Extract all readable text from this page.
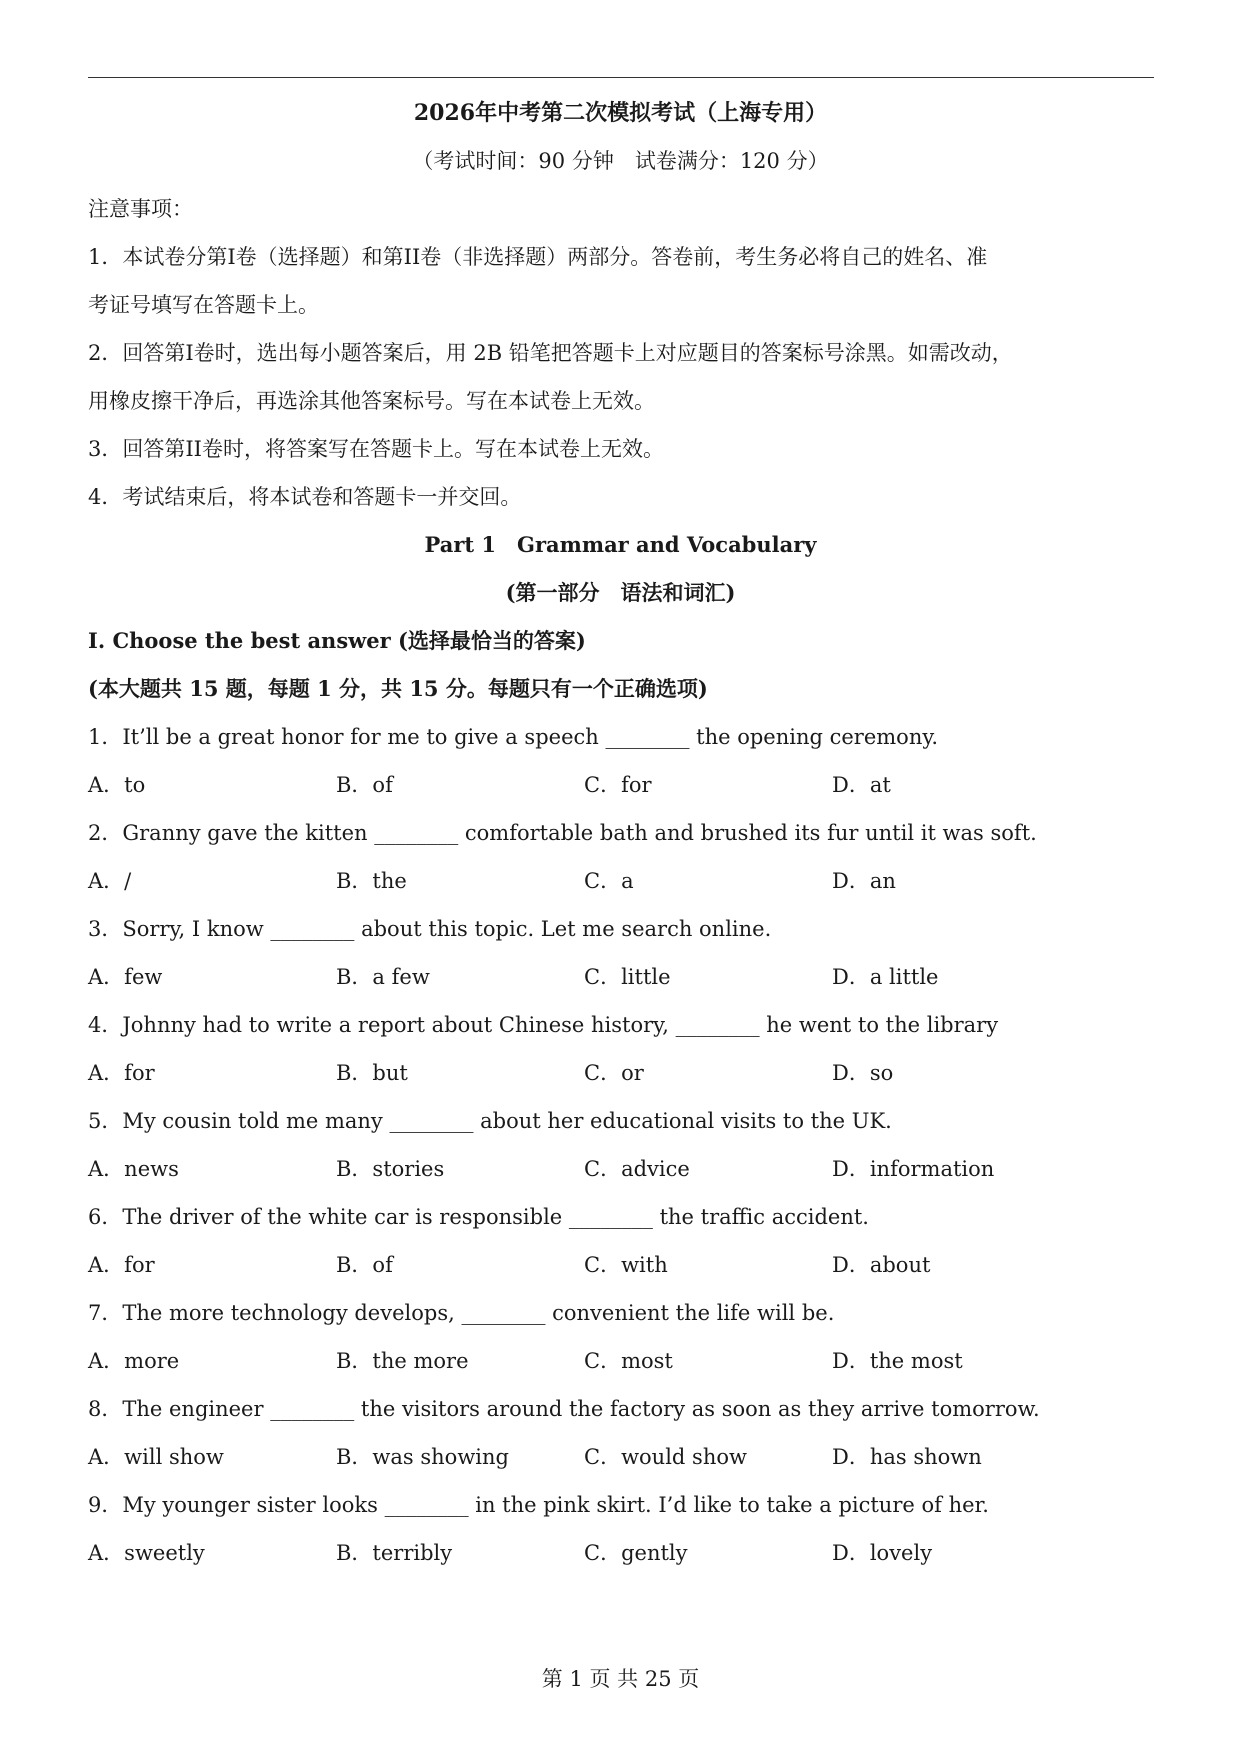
2026年中考第二次模拟考试（上海专用）
（考试时间：90 分钟　试卷满分：120 分）
注意事项：
1．本试卷分第I卷（选择题）和第II卷（非选择题）两部分。答卷前，考生务必将自己的姓名、准
考证号填写在答题卡上。
2．回答第I卷时，选出每小题答案后，用 2B 铅笔把答题卡上对应题目的答案标号涂黑。如需改动，
用橡皮擦干净后，再选涂其他答案标号。写在本试卷上无效。
3．回答第II卷时，将答案写在答题卡上。写在本试卷上无效。
4．考试结束后，将本试卷和答题卡一并交回。
Part 1　Grammar and Vocabulary
(第一部分　语法和词汇)
I. Choose the best answer (选择最恰当的答案)
(本大题共 15 题，每题 1 分，共 15 分。每题只有一个正确选项)
1．It’ll be a great honor for me to give a speech ________ the opening ceremony.
A．to	B．of	C．for	D．at
2．Granny gave the kitten ________ comfortable bath and brushed its fur until it was soft.
A．/	B．the	C．a	D．an
3．Sorry, I know ________ about this topic. Let me search online.
A．few	B．a few	C．little	D．a little
4．Johnny had to write a report about Chinese history, ________ he went to the library
A．for	B．but	C．or	D．so
5．My cousin told me many ________ about her educational visits to the UK.
A．news	B．stories	C．advice	D．information
6．The driver of the white car is responsible ________ the traffic accident.
A．for	B．of	C．with	D．about
7．The more technology develops, ________ convenient the life will be.
A．more	B．the more	C．most	D．the most
8．The engineer ________ the visitors around the factory as soon as they arrive tomorrow.
A．will show	B．was showing	C．would show	D．has shown
9．My younger sister looks ________ in the pink skirt. I’d like to take a picture of her.
A．sweetly	B．terribly	C．gently	D．lovely
第 1 页 共 25 页
